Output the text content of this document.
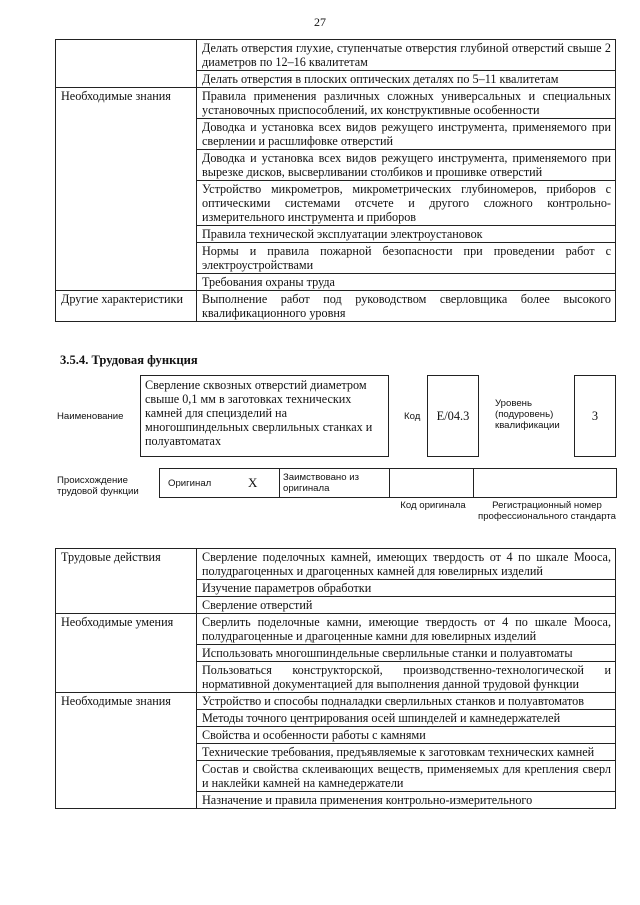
27
	Делать отверстия глухие, ступенчатые отверстия глубиной отверстий свыше 2 диаметров по 12–16 квалитетам
	Делать отверстия в плоских оптических деталях по 5–11 квалитетам
Необходимые знания	Правила применения различных сложных универсальных и специальных установочных приспособлений, их конструктивные особенности
	Доводка и установка всех видов режущего инструмента, применяемого при сверлении и расшлифовке отверстий
	Доводка и установка всех видов режущего инструмента, применяемого при вырезке дисков, высверливании столбиков и прошивке отверстий
	Устройство микрометров, микрометрических глубиномеров, приборов с оптическими системами отсчете и другого сложного контрольно-измерительного инструмента и приборов
	Правила технической эксплуатации электроустановок
	Нормы и правила пожарной безопасности при проведении работ с электроустройствами
	Требования охраны труда
Другие характеристики	Выполнение работ под руководством сверловщика более высокого квалификационного уровня
3.5.4. Трудовая функция
Наименование
Сверление сквозных отверстий диаметром свыше 0,1 мм в заготовках технических камней для специзделий на многошпиндельных сверлильных станках и полуавтоматах
Код	E/04.3
Уровень (подуровень) квалификации
3
Происхождение трудовой функции
Оригинал	X	Заимствовано из оригинала
Код оригинала	Регистрационный номер профессионального стандарта
Трудовые действия	Сверление поделочных камней, имеющих твердость от 4 по шкале Мооса, полудрагоценных и драгоценных камней для ювелирных изделий
	Изучение параметров обработки
	Сверление отверстий
Необходимые умения	Сверлить поделочные камни, имеющие твердость от 4 по шкале Мооса, полудрагоценные и драгоценные камни для ювелирных изделий
	Использовать многошпиндельные сверлильные станки и полуавтоматы
	Пользоваться конструкторской, производственно-технологической и нормативной документацией для выполнения данной трудовой функции
Необходимые знания	Устройство и способы подналадки сверлильных станков и полуавтоматов
	Методы точного центрирования осей шпинделей и камнедержателей
	Свойства и особенности работы с камнями
	Технические требования, предъявляемые к заготовкам технических камней
	Состав и свойства склеивающих веществ, применяемых для крепления сверл и наклейки камней на камнедержатели
	Назначение и правила применения контрольно-измерительного
